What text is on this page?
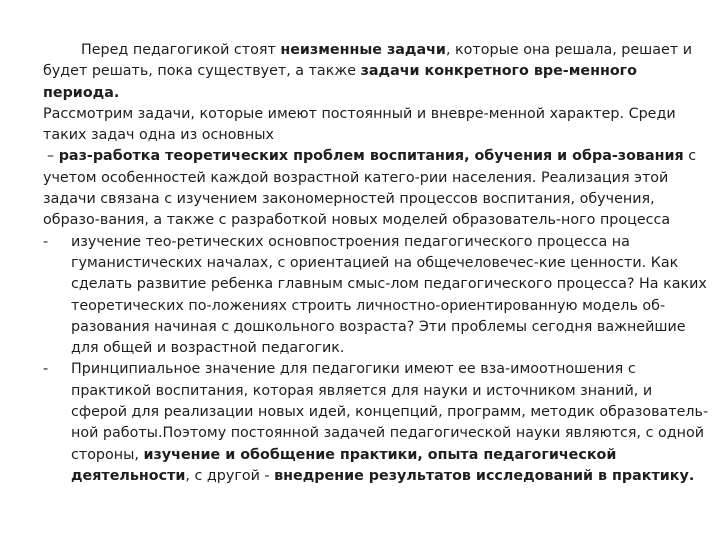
Перед педагогикой стоят неизменные задачи, которые она решала, решает и будет решать, пока существует, а также задачи конкретного вре-менного периода.

Рассмотрим задачи, которые имеют постоянный и вневре-менной характер. Среди таких задач одна из основных

– раз-работка теоретических проблем воспитания, обучения и обра-зования с учетом особенностей каждой возрастной катего-рии населения. Реализация этой задачи связана с изучением закономерностей процессов воспитания, обучения, образо-вания, а также с разработкой новых моделей образователь-ного процесса

-	изучение тео-ретических основпостроения педагогического процесса на гуманистических началах, с ориентацией на общечеловечес-кие ценности. Как сделать развитие ребенка главным смыс-лом педагогического процесса? На каких теоретических по-ложениях строить личностно-ориентированную модель об-разования начиная с дошкольного возраста? Эти проблемы сегодня важнейшие для общей и возрастной педагогик.
-	Принципиальное значение для педагогики имеют ее вза-имоотношения с практикой воспитания, которая является для науки и источником знаний, и сферой для реализации новых идей, концепций, программ, методик образователь-ной работы.Поэтому постоянной задачей педагогической науки являются, с одной стороны, изучение и обобщение практики, опыта педагогической деятельности, с другой - внедрение результатов исследований в практику.
